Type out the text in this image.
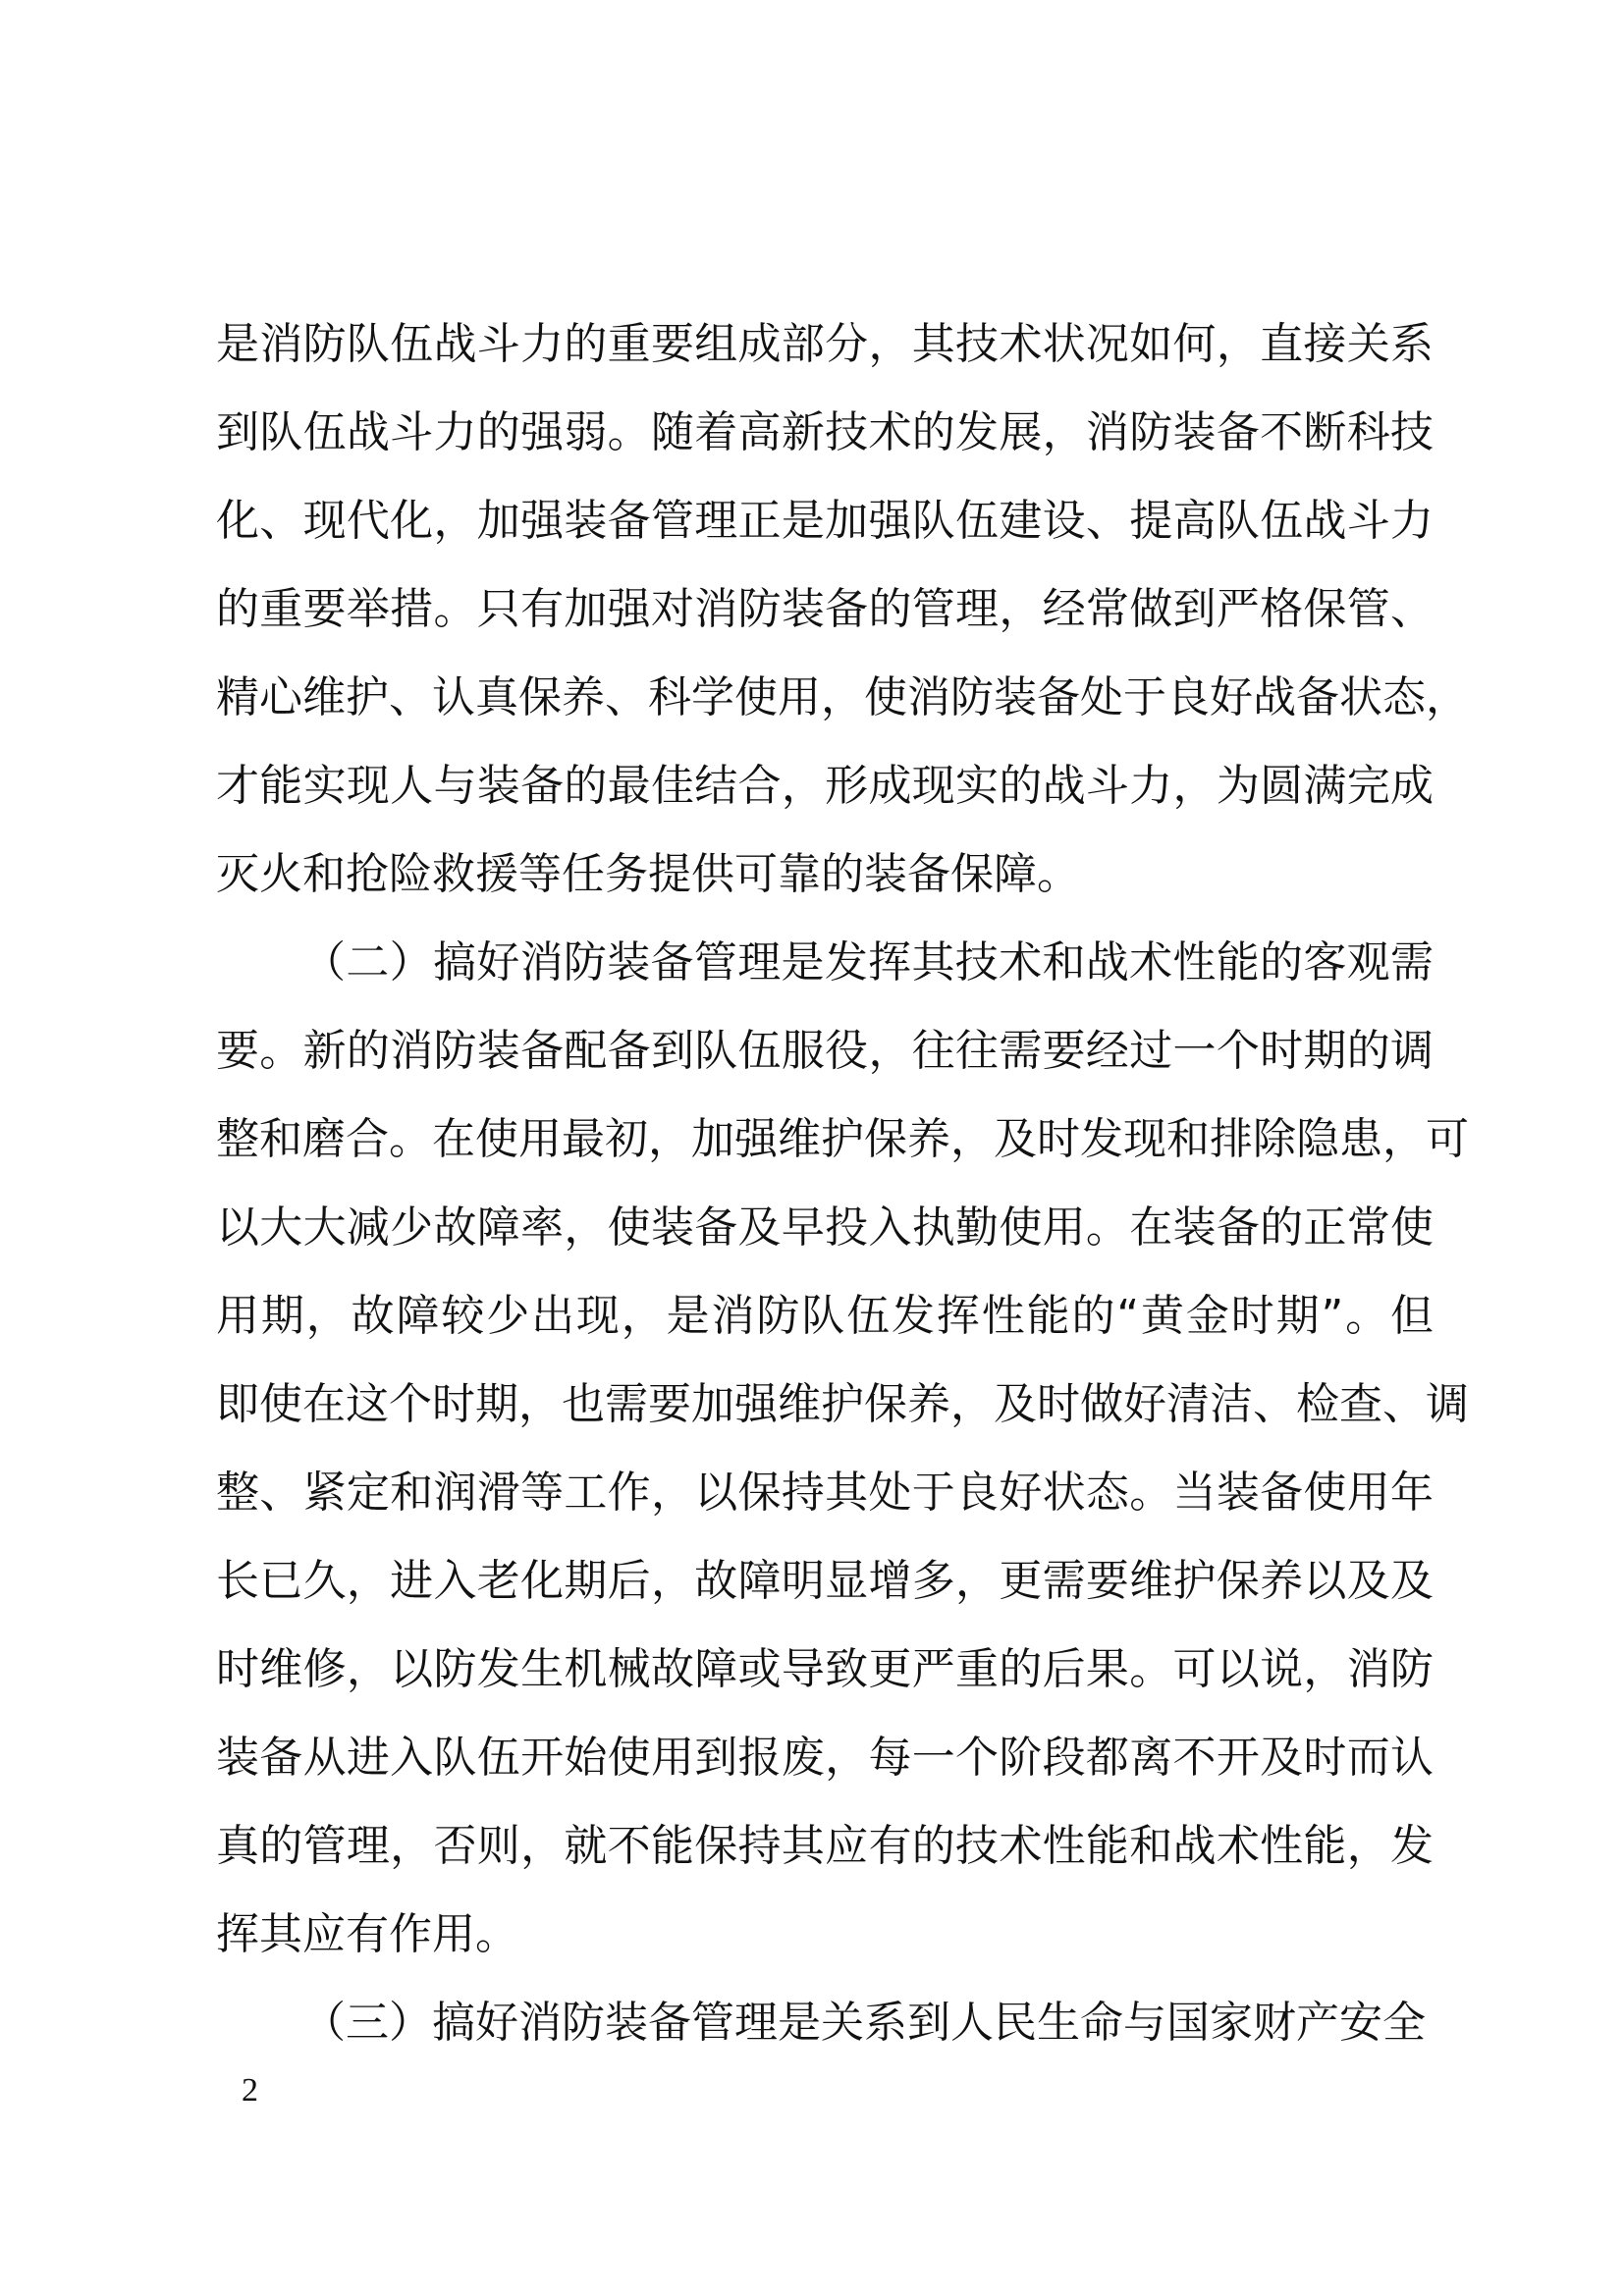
是消防队伍战斗力的重要组成部分，其技术状况如何，直接关系
到队伍战斗力的强弱。随着高新技术的发展，消防装备不断科技
化、现代化，加强装备管理正是加强队伍建设、提高队伍战斗力
的重要举措。只有加强对消防装备的管理，经常做到严格保管、
精心维护、认真保养、科学使用，使消防装备处于良好战备状态，
才能实现人与装备的最佳结合，形成现实的战斗力，为圆满完成
灭火和抢险救援等任务提供可靠的装备保障。
（二）搞好消防装备管理是发挥其技术和战术性能的客观需
要。新的消防装备配备到队伍服役，往往需要经过一个时期的调
整和磨合。在使用最初，加强维护保养，及时发现和排除隐患，可
以大大减少故障率，使装备及早投入执勤使用。在装备的正常使
用期，故障较少出现，是消防队伍发挥性能的“黄金时期”。但
即使在这个时期，也需要加强维护保养，及时做好清洁、检查、调
整、紧定和润滑等工作，以保持其处于良好状态。当装备使用年
长已久，进入老化期后，故障明显增多，更需要维护保养以及及
时维修，以防发生机械故障或导致更严重的后果。可以说，消防
装备从进入队伍开始使用到报废，每一个阶段都离不开及时而认
真的管理，否则，就不能保持其应有的技术性能和战术性能，发
挥其应有作用。
（三）搞好消防装备管理是关系到人民生命与国家财产安全
2
